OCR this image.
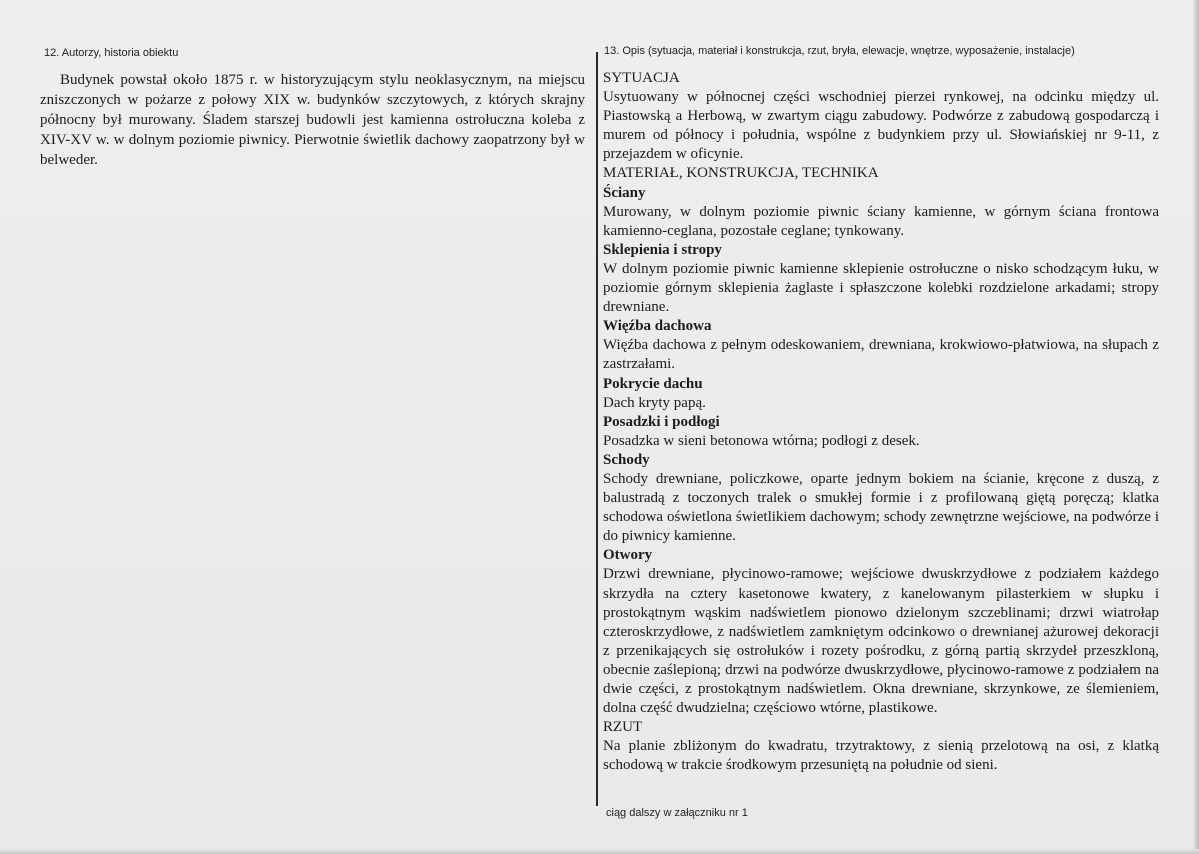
12. Autorzy, historia obiektu

Budynek powstał około 1875 r. w historyzującym stylu neoklasycznym, na miejscu zniszczonych w pożarze z połowy XIX w. budynków szczytowych, z których skrajny północny był murowany. Śladem starszej budowli jest kamienna ostrołuczna koleba z XIV-XV w. w dolnym poziomie piwnicy. Pierwotnie świetlik dachowy zaopatrzony był w belweder.

13. Opis (sytuacja, materiał i konstrukcja, rzut, bryła, elewacje, wnętrze, wyposażenie, instalacje)
SYTUACJA
Usytuowany w północnej części wschodniej pierzei rynkowej, na odcinku między ul. Piastowską a Herbową, w zwartym ciągu zabudowy. Podwórze z zabudową gospodarczą i murem od północy i południa, wspólne z budynkiem przy ul. Słowiańskiej nr 9-11, z przejazdem w oficynie.
MATERIAŁ, KONSTRUKCJA, TECHNIKA
Ściany
Murowany, w dolnym poziomie piwnic ściany kamienne, w górnym ściana frontowa kamienno-ceglana, pozostałe ceglane; tynkowany.
Sklepienia i stropy
W dolnym poziomie piwnic kamienne sklepienie ostrołuczne o nisko schodzącym łuku, w poziomie górnym sklepienia żaglaste i spłaszczone kolebki rozdzielone arkadami; stropy drewniane.
Więźba dachowa
Więźba dachowa z pełnym odeskowaniem, drewniana, krokwiowo-płatwiowa, na słupach z zastrzałami.
Pokrycie dachu
Dach kryty papą.
Posadzki i podłogi
Posadzka w sieni betonowa wtórna; podłogi z desek.
Schody
Schody drewniane, policzkowe, oparte jednym bokiem na ścianie, kręcone z duszą, z balustradą z toczonych tralek o smukłej formie i z profilowaną giętą poręczą; klatka schodowa oświetlona świetlikiem dachowym; schody zewnętrzne wejściowe, na podwórze i do piwnicy kamienne.
Otwory
Drzwi drewniane, płycinowo-ramowe; wejściowe dwuskrzydłowe z podziałem każdego skrzydła na cztery kasetonowe kwatery, z kanelowanym pilasterkiem w słupku i prostokątnym wąskim nadświetlem pionowo dzielonym szczeblinami; drzwi wiatrołap czteroskrzydłowe, z nadświetlem zamkniętym odcinkowo o drewnianej ażurowej dekoracji z przenikających się ostrołuków i rozety pośrodku, z górną partią skrzydeł przeszkloną, obecnie zaślepioną; drzwi na podwórze dwuskrzydłowe, płycinowo-ramowe z podziałem na dwie części, z prostokątnym nadświetlem. Okna drewniane, skrzynkowe, ze ślemieniem, dolna część dwudzielna; częściowo wtórne, plastikowe.
RZUT
Na planie zbliżonym do kwadratu, trzytraktowy, z sienią przelotową na osi, z klatką schodową w trakcie środkowym przesuniętą na południe od sieni.
ciąg dalszy w załączniku nr 1
